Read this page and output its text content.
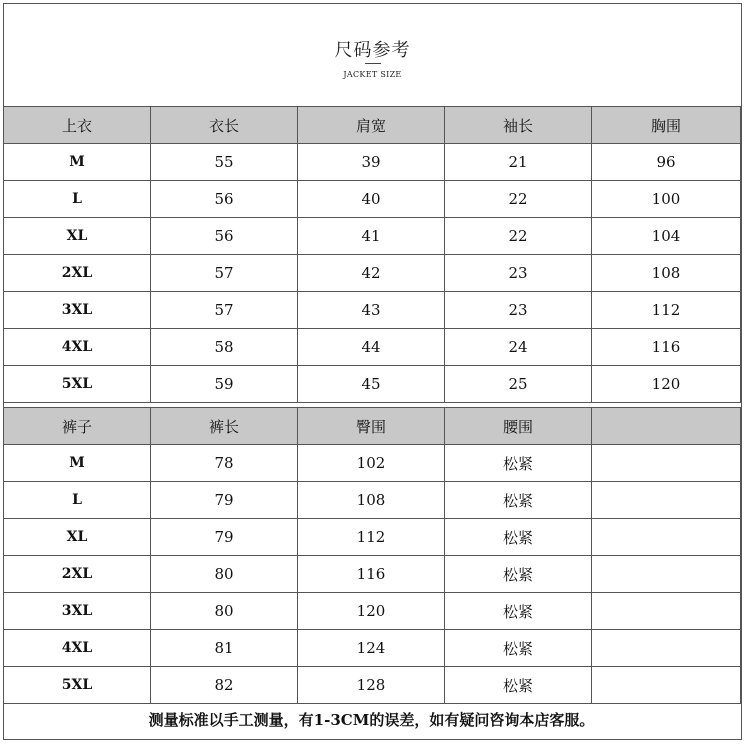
尺码参考
JACKET SIZE
上衣	衣长	肩宽	袖长	胸围
M	55	39	21	96
L	56	40	22	100
XL	56	41	22	104
2XL	57	42	23	108
3XL	57	43	23	112
4XL	58	44	24	116
5XL	59	45	25	120
裤子	裤长	臀围	腰围	
M	78	102	松紧	
L	79	108	松紧	
XL	79	112	松紧	
2XL	80	116	松紧	
3XL	80	120	松紧	
4XL	81	124	松紧	
5XL	82	128	松紧	
测量标准以手工测量，有1-3CM的误差，如有疑问咨询本店客服。
